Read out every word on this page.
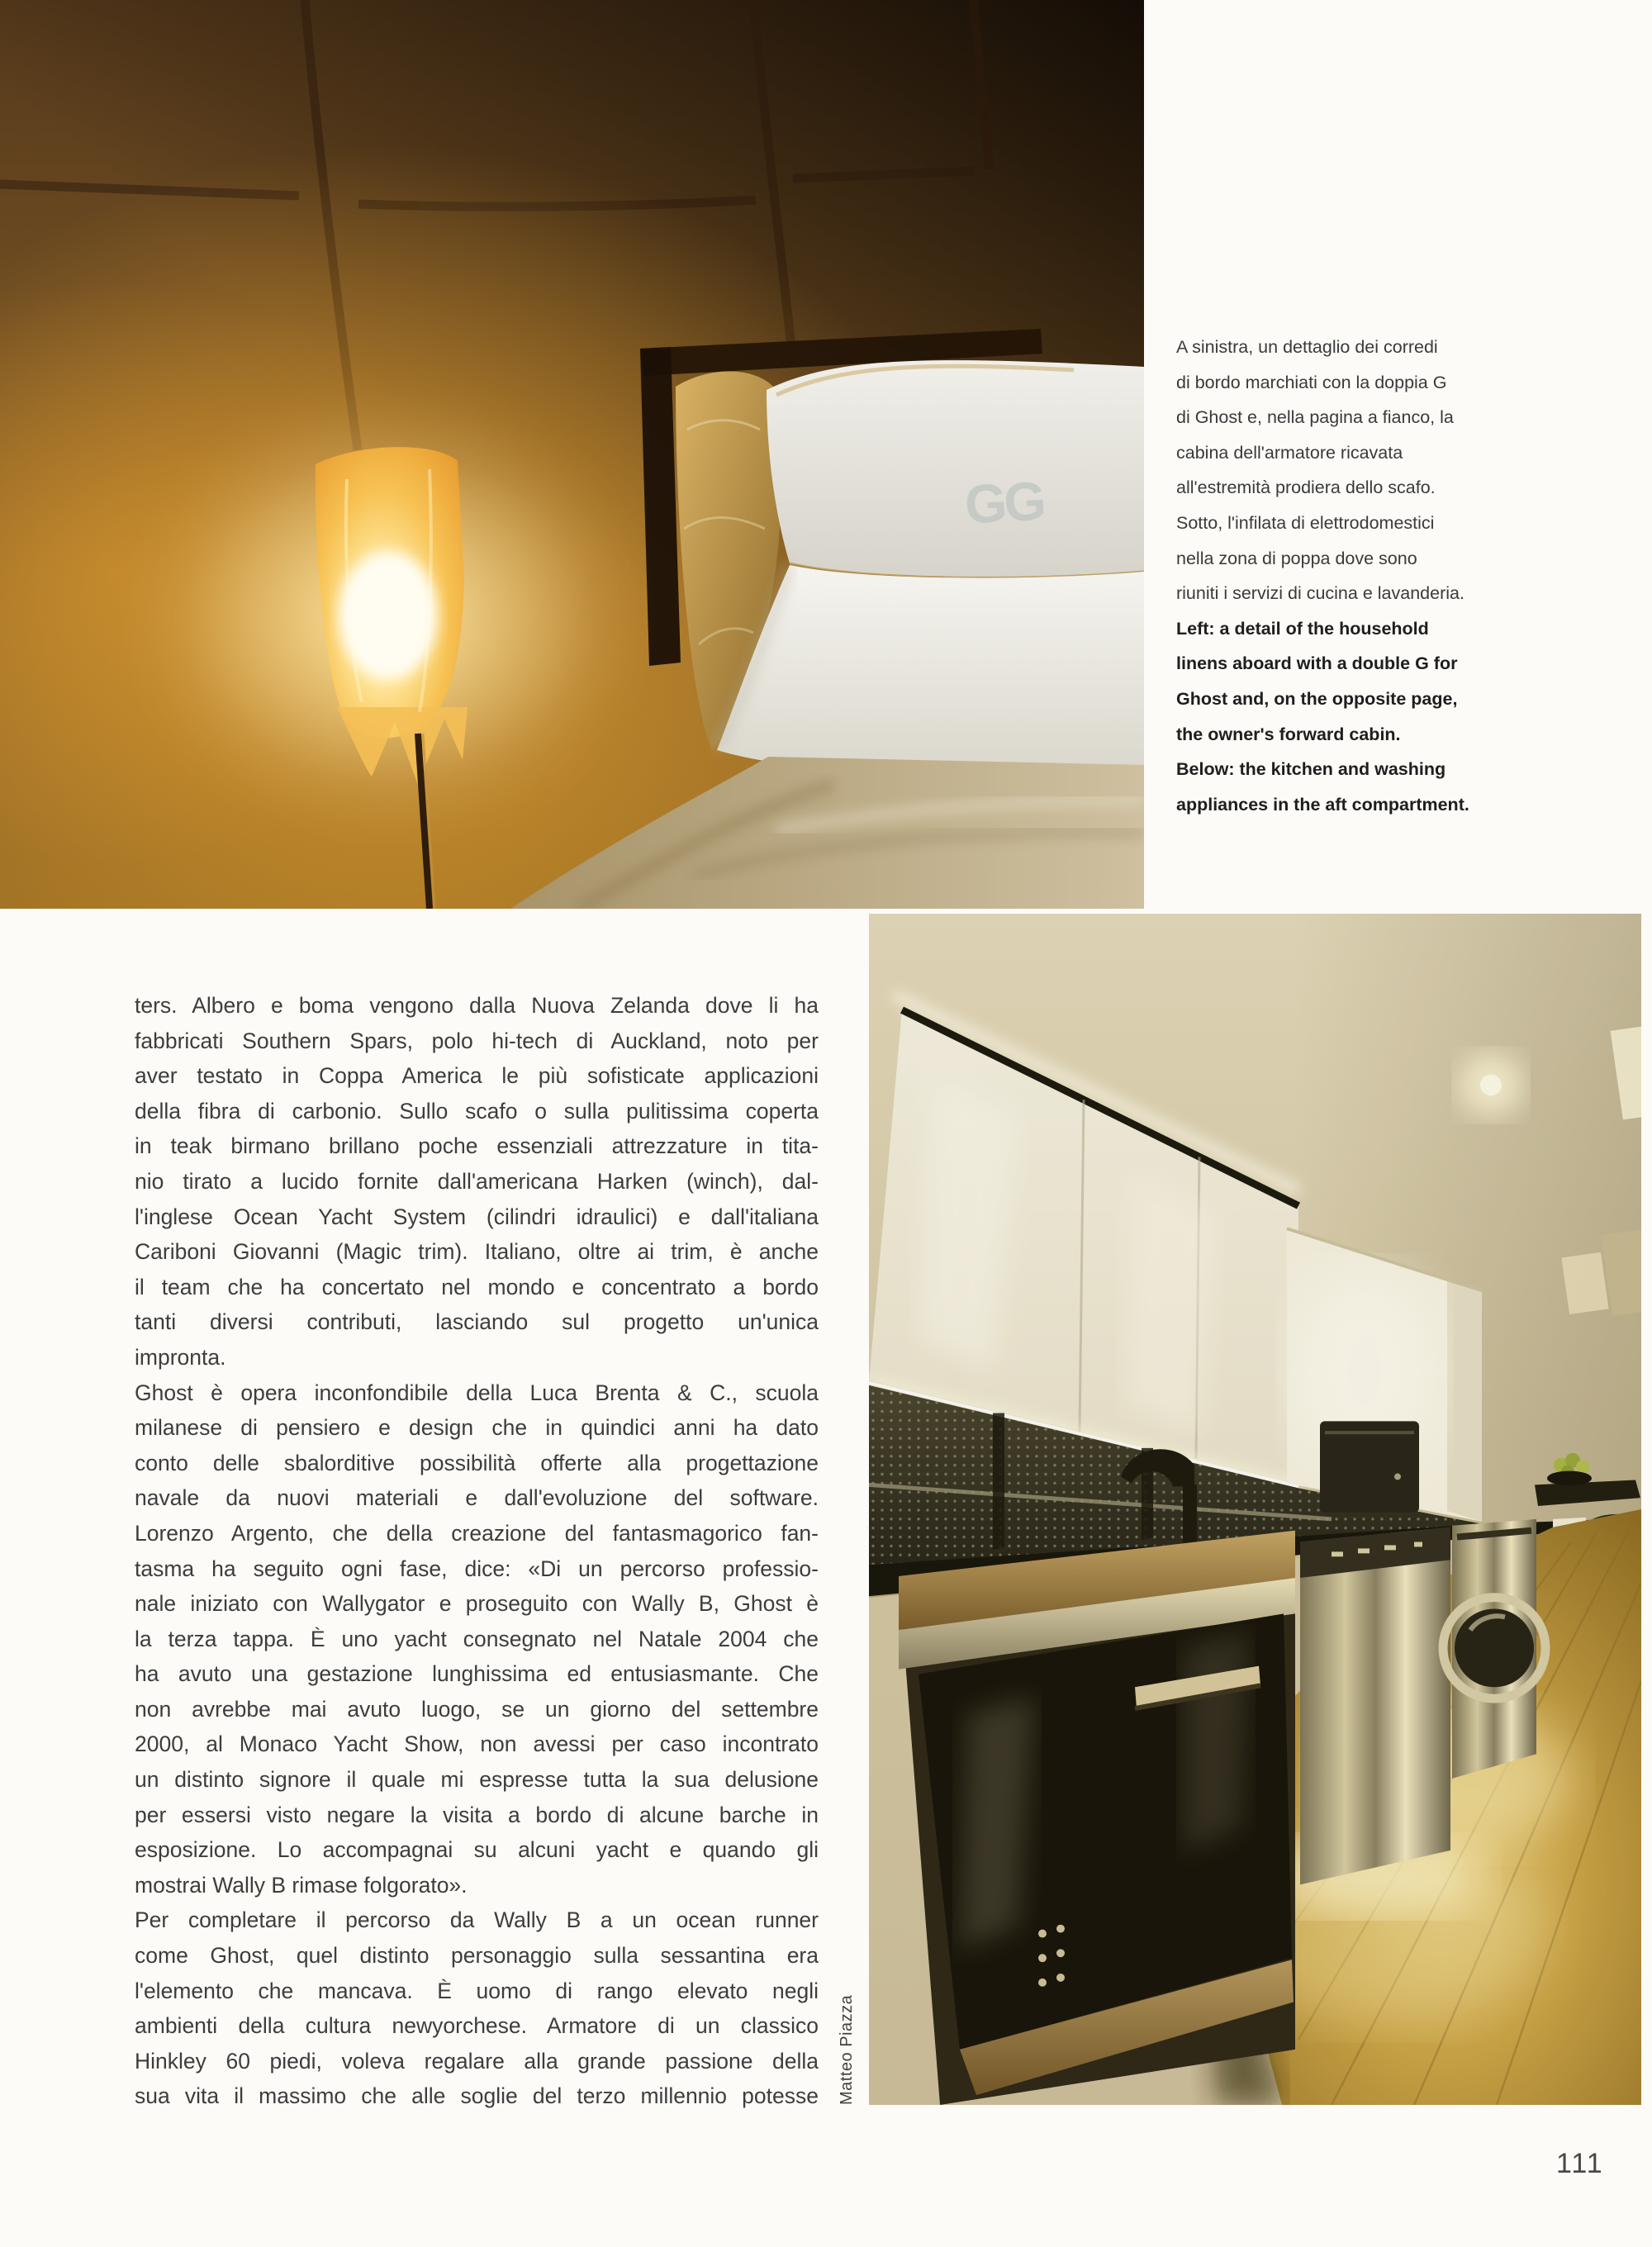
GG
A sinistra, un dettaglio dei corredi
di bordo marchiati con la doppia G
di Ghost e, nella pagina a fianco, la
cabina dell'armatore ricavata
all'estremità prodiera dello scafo.
Sotto, l'infilata di elettrodomestici
nella zona di poppa dove sono
riuniti i servizi di cucina e lavanderia.
Left: a detail of the household
linens aboard with a double G for
Ghost and, on the opposite page,
the owner's forward cabin.
Below: the kitchen and washing
appliances in the aft compartment.
ters. Albero e boma vengono dalla Nuova Zelanda dove li ha
fabbricati Southern Spars, polo hi-tech di Auckland, noto per
aver testato in Coppa America le più sofisticate applicazioni
della fibra di carbonio. Sullo scafo o sulla pulitissima coperta
in teak birmano brillano poche essenziali attrezzature in tita-
nio tirato a lucido fornite dall'americana Harken (winch), dal-
l'inglese Ocean Yacht System (cilindri idraulici) e dall'italiana
Cariboni Giovanni (Magic trim). Italiano, oltre ai trim, è anche
il team che ha concertato nel mondo e concentrato a bordo
tanti diversi contributi, lasciando sul progetto un'unica
impronta.
Ghost è opera inconfondibile della Luca Brenta & C., scuola
milanese di pensiero e design che in quindici anni ha dato
conto delle sbalorditive possibilità offerte alla progettazione
navale da nuovi materiali e dall'evoluzione del software.
Lorenzo Argento, che della creazione del fantasmagorico fan-
tasma ha seguito ogni fase, dice: «Di un percorso professio-
nale iniziato con Wallygator e proseguito con Wally B, Ghost è
la terza tappa. È uno yacht consegnato nel Natale 2004 che
ha avuto una gestazione lunghissima ed entusiasmante. Che
non avrebbe mai avuto luogo, se un giorno del settembre
2000, al Monaco Yacht Show, non avessi per caso incontrato
un distinto signore il quale mi espresse tutta la sua delusione
per essersi visto negare la visita a bordo di alcune barche in
esposizione. Lo accompagnai su alcuni yacht e quando gli
mostrai Wally B rimase folgorato».
Per completare il percorso da Wally B a un ocean runner
come Ghost, quel distinto personaggio sulla sessantina era
l'elemento che mancava. È uomo di rango elevato negli
ambienti della cultura newyorchese. Armatore di un classico
Hinkley 60 piedi, voleva regalare alla grande passione della
sua vita il massimo che alle soglie del terzo millennio potesse Matteo Piazza
111
